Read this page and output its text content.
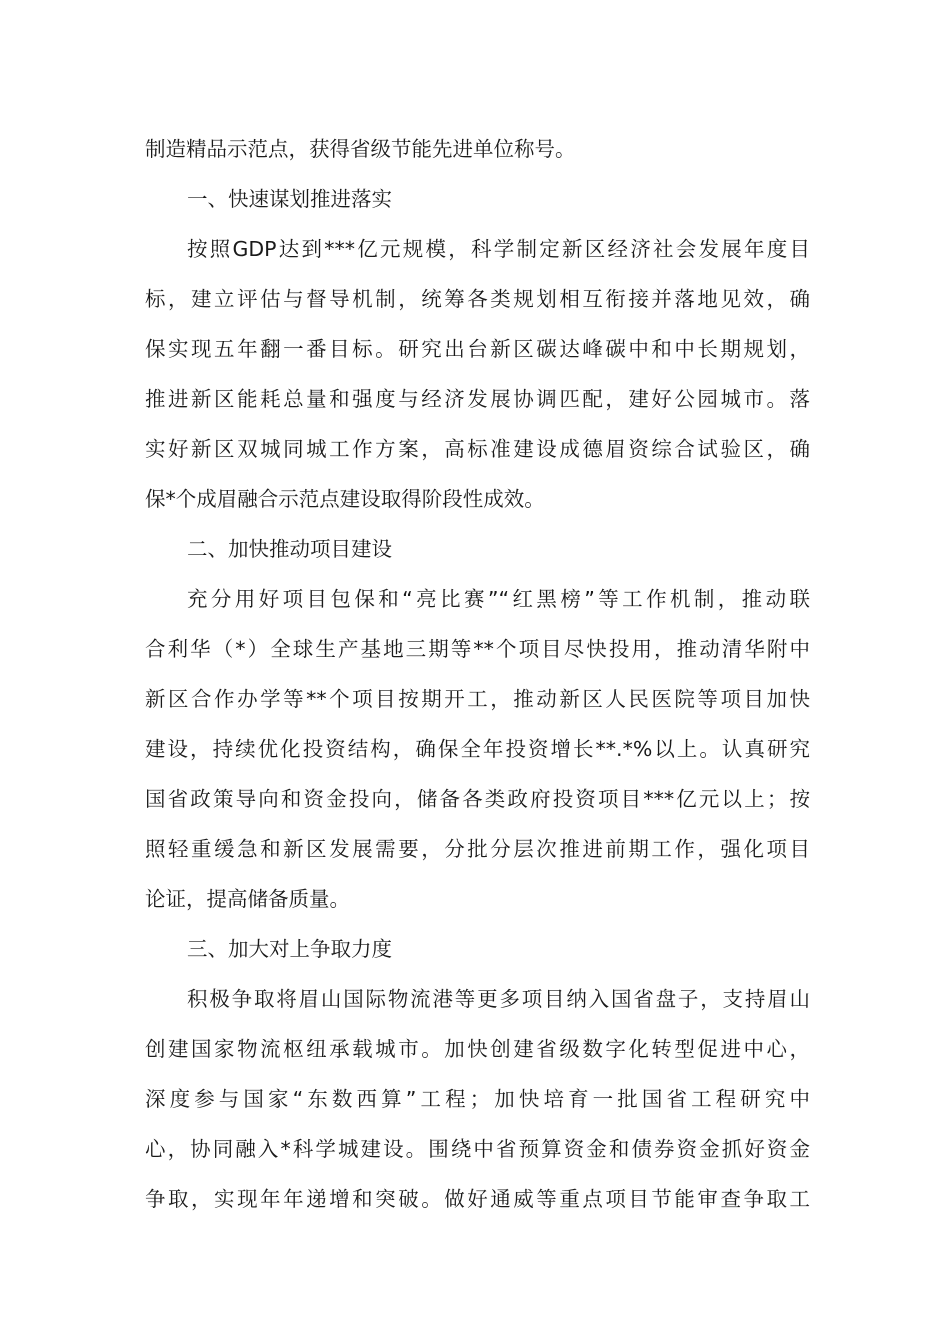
制造精品示范点，获得省级节能先进单位称号。
一、快速谋划推进落实
按照GDP达到***亿元规模，科学制定新区经济社会发展年度目
标，建立评估与督导机制，统筹各类规划相互衔接并落地见效，确
保实现五年翻一番目标。研究出台新区碳达峰碳中和中长期规划，
推进新区能耗总量和强度与经济发展协调匹配，建好公园城市。落
实好新区双城同城工作方案，高标准建设成德眉资综合试验区，确
保*个成眉融合示范点建设取得阶段性成效。
二、加快推动项目建设
充分用好项目包保和“亮比赛”“红黑榜”等工作机制，推动联
合利华（*）全球生产基地三期等**个项目尽快投用，推动清华附中
新区合作办学等**个项目按期开工，推动新区人民医院等项目加快
建设，持续优化投资结构，确保全年投资增长**.*%以上。认真研究
国省政策导向和资金投向，储备各类政府投资项目***亿元以上；按
照轻重缓急和新区发展需要，分批分层次推进前期工作，强化项目
论证，提高储备质量。
三、加大对上争取力度
积极争取将眉山国际物流港等更多项目纳入国省盘子，支持眉山
创建国家物流枢纽承载城市。加快创建省级数字化转型促进中心，
深度参与国家“东数西算”工程；加快培育一批国省工程研究中
心，协同融入*科学城建设。围绕中省预算资金和债券资金抓好资金
争取，实现年年递增和突破。做好通威等重点项目节能审查争取工
